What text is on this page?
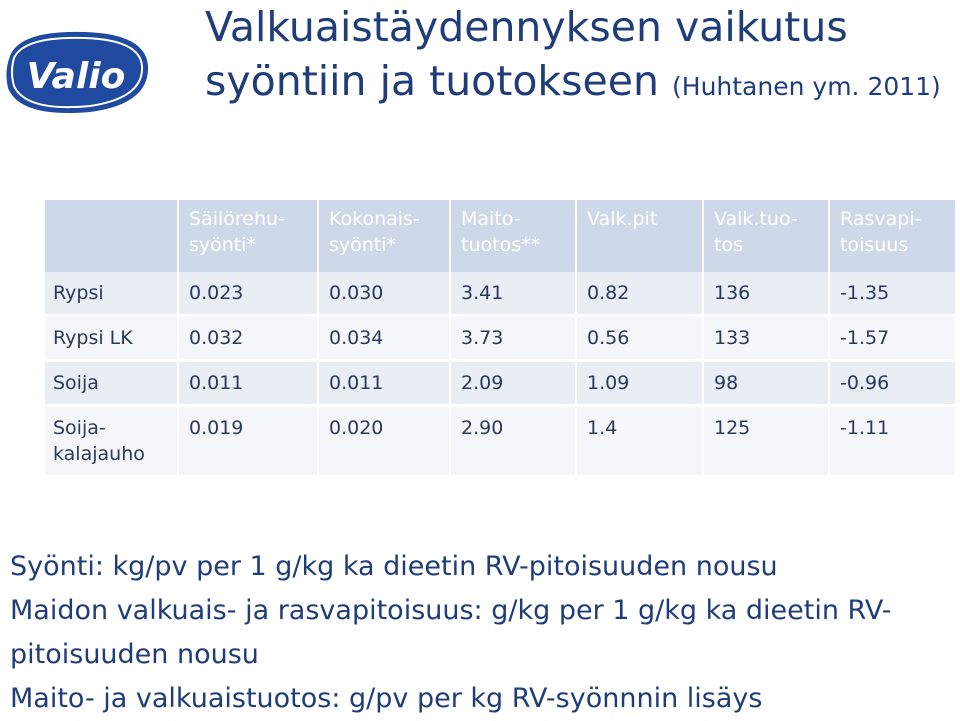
Valio
Valkuaistäydennyksen vaikutus syöntiin ja tuotokseen (Huhtanen ym. 2011)
	Säilörehu-syönti*	Kokonais-syönti*	Maito-tuotos**	Valk.pit	Valk.tuo-tos	Rasvapi-toisuus
Rypsi	0.023	0.030	3.41	0.82	136	-1.35
Rypsi LK	0.032	0.034	3.73	0.56	133	-1.57
Soija	0.011	0.011	2.09	1.09	98	-0.96
Soija-kalajauho	0.019	0.020	2.90	1.4	125	-1.11

Syönti: kg/pv per 1 g/kg ka dieetin RV-pitoisuuden nousu

Maidon valkuais- ja rasvapitoisuus: g/kg per 1 g/kg ka dieetin RV-pitoisuuden nousu

Maito- ja valkuaistuotos: g/pv per kg RV-syönnnin lisäys
